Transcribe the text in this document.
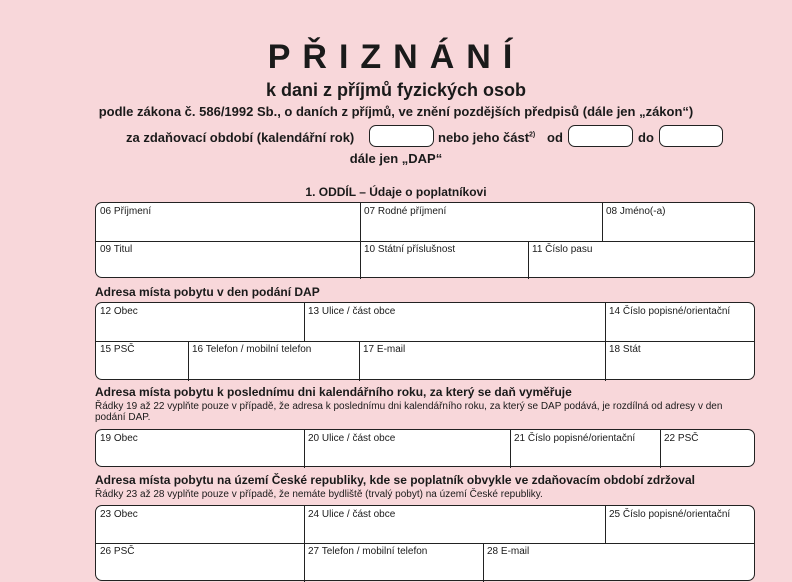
PŘIZNÁNÍ
k dani z příjmů fyzických osob
podle zákona č. 586/1992 Sb., o daních z příjmů, ve znění pozdějších předpisů (dále jen „zákon“)
za zdaňovací období (kalendářní rok)	nebo jeho část$^{2)}$ od	do
dále jen „DAP“
1. ODDÍL – Údaje o poplatníkovi
06 Příjmení	07 Rodné příjmení	08 Jméno(-a)
09 Titul	10 Státní příslušnost	11 Číslo pasu
Adresa místa pobytu v den podání DAP
12 Obec	13 Ulice / část obce	14 Číslo popisné/orientační
15 PSČ	16 Telefon / mobilní telefon	17 E-mail	18 Stát
Adresa místa pobytu k poslednímu dni kalendářního roku, za který se daň vyměřuje
Řádky 19 až 22 vyplňte pouze v případě, že adresa k poslednímu dni kalendářního roku, za který se DAP podává, je rozdílná od adresy v den podání DAP.
19 Obec	20 Ulice / část obce	21 Číslo popisné/orientační	22 PSČ
Adresa místa pobytu na území České republiky, kde se poplatník obvykle ve zdaňovacím období zdržoval
Řádky 23 až 28 vyplňte pouze v případě, že nemáte bydliště (trvalý pobyt) na území České republiky.
23 Obec	24 Ulice / část obce	25 Číslo popisné/orientační
26 PSČ	27 Telefon / mobilní telefon	28 E-mail
